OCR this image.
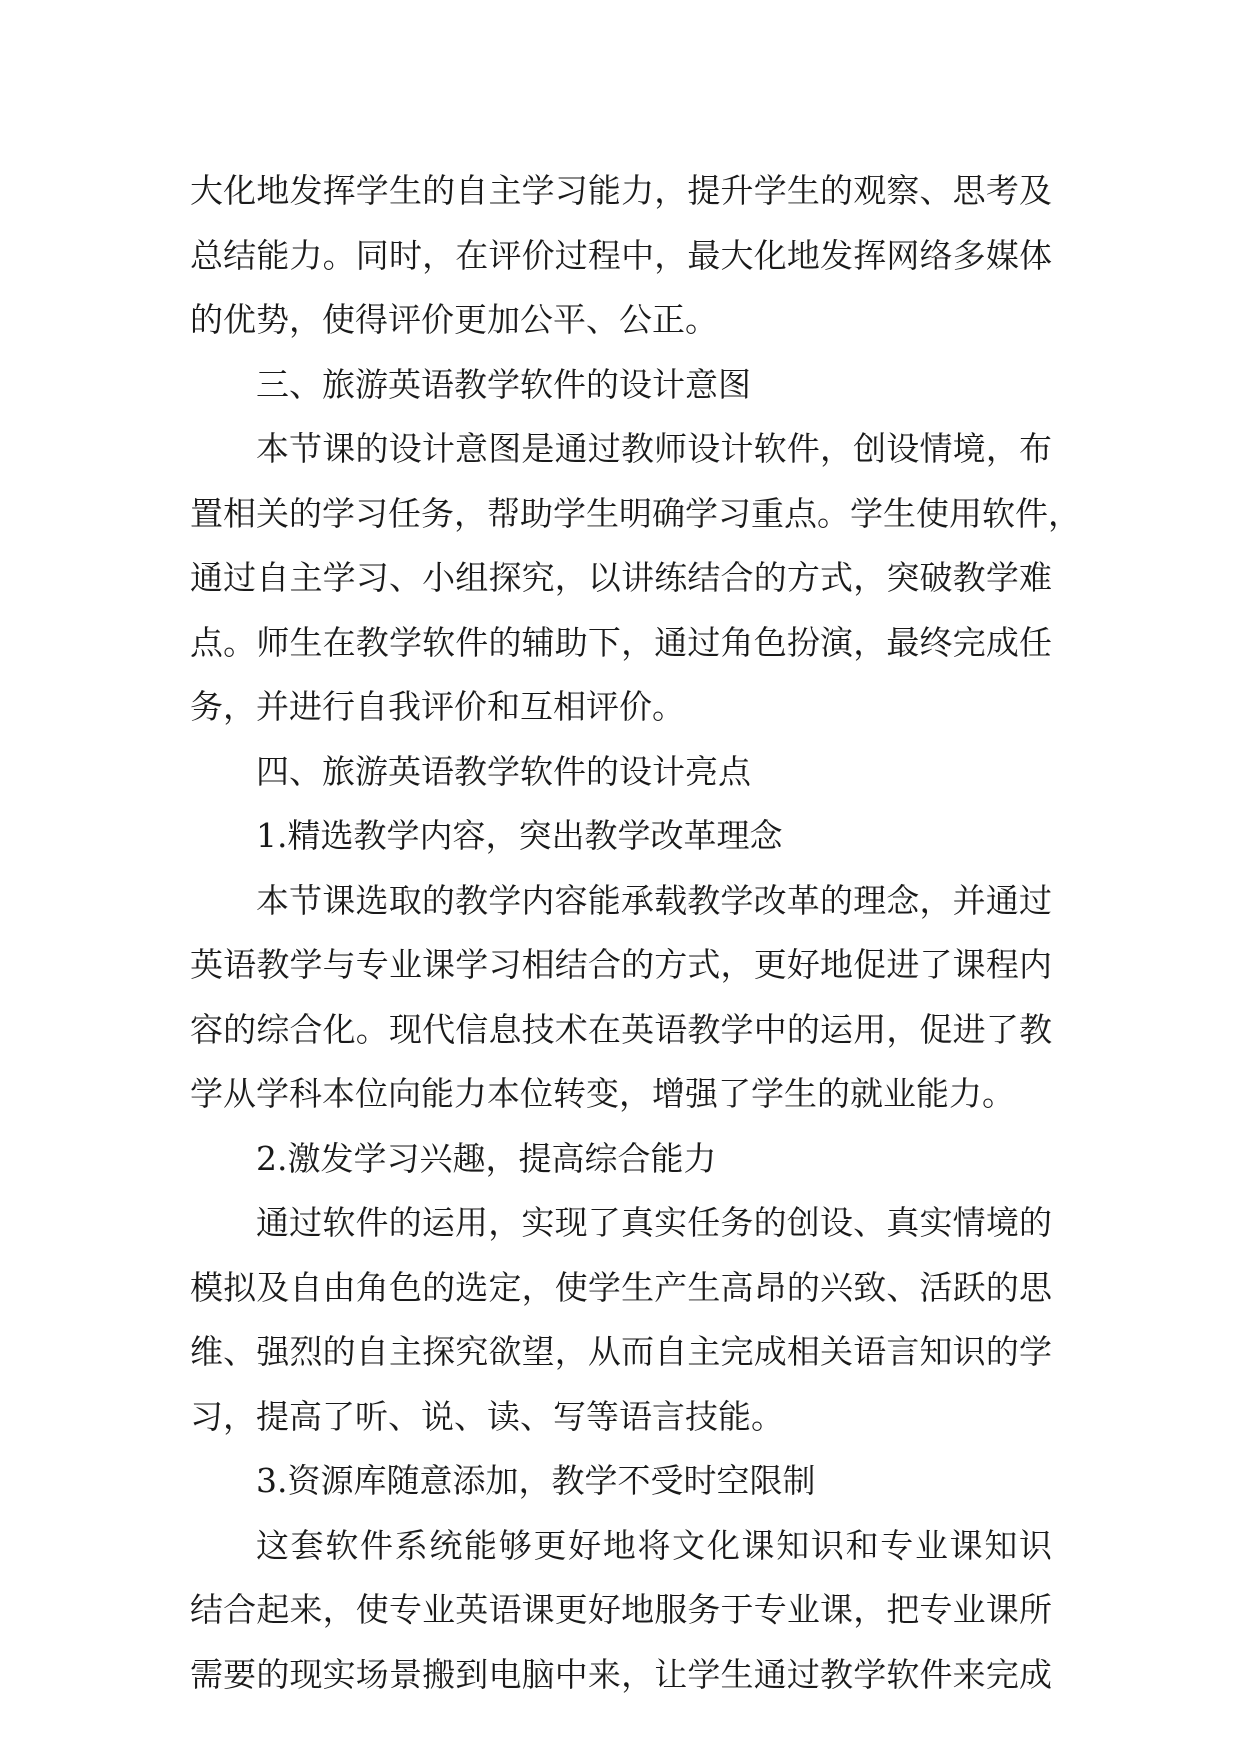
大化地发挥学生的自主学习能力，提升学生的观察、思考及
总结能力。同时，在评价过程中，最大化地发挥网络多媒体
的优势，使得评价更加公平、公正。
三、旅游英语教学软件的设计意图
本节课的设计意图是通过教师设计软件，创设情境，布
置相关的学习任务，帮助学生明确学习重点。学生使用软件，
通过自主学习、小组探究，以讲练结合的方式，突破教学难
点。师生在教学软件的辅助下，通过角色扮演，最终完成任
务，并进行自我评价和互相评价。
四、旅游英语教学软件的设计亮点
1.精选教学内容，突出教学改革理念
本节课选取的教学内容能承载教学改革的理念，并通过
英语教学与专业课学习相结合的方式，更好地促进了课程内
容的综合化。现代信息技术在英语教学中的运用，促进了教
学从学科本位向能力本位转变，增强了学生的就业能力。
2.激发学习兴趣，提高综合能力
通过软件的运用，实现了真实任务的创设、真实情境的
模拟及自由角色的选定，使学生产生高昂的兴致、活跃的思
维、强烈的自主探究欲望，从而自主完成相关语言知识的学
习，提高了听、说、读、写等语言技能。
3.资源库随意添加，教学不受时空限制
这套软件系统能够更好地将文化课知识和专业课知识
结合起来，使专业英语课更好地服务于专业课，把专业课所
需要的现实场景搬到电脑中来，让学生通过教学软件来完成
